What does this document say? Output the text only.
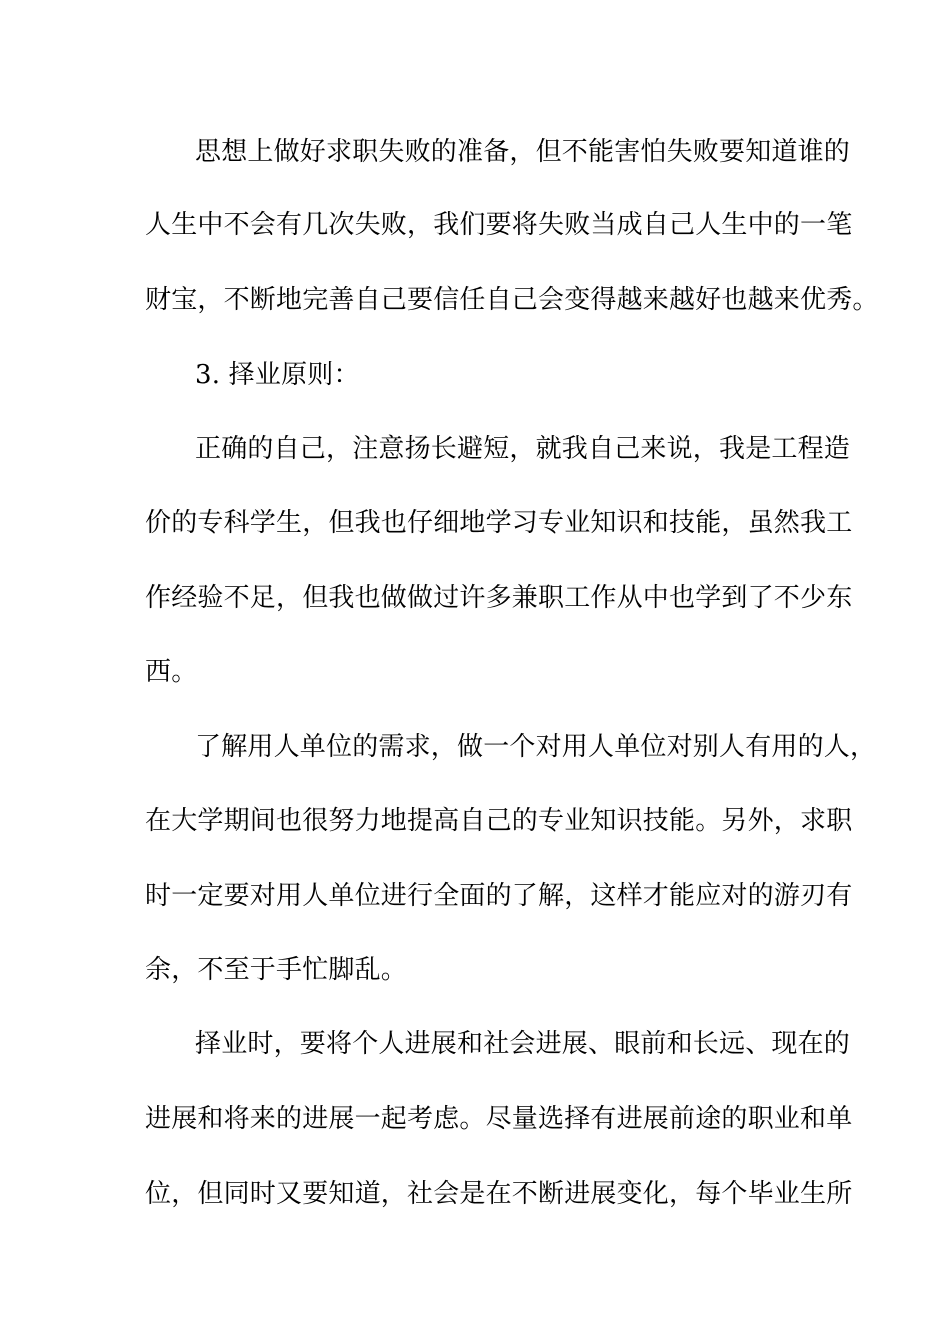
思想上做好求职失败的准备，但不能害怕失败要知道谁的
人生中不会有几次失败，我们要将失败当成自己人生中的一笔
财宝，不断地完善自己要信任自己会变得越来越好也越来优秀。
3. 择业原则：
正确的自己，注意扬长避短，就我自己来说，我是工程造
价的专科学生，但我也仔细地学习专业知识和技能，虽然我工
作经验不足，但我也做做过许多兼职工作从中也学到了不少东
西。
了解用人单位的需求，做一个对用人单位对别人有用的人，
在大学期间也很努力地提高自己的专业知识技能。另外，求职
时一定要对用人单位进行全面的了解，这样才能应对的游刃有
余，不至于手忙脚乱。
择业时，要将个人进展和社会进展、眼前和长远、现在的
进展和将来的进展一起考虑。尽量选择有进展前途的职业和单
位，但同时又要知道，社会是在不断进展变化，每个毕业生所
